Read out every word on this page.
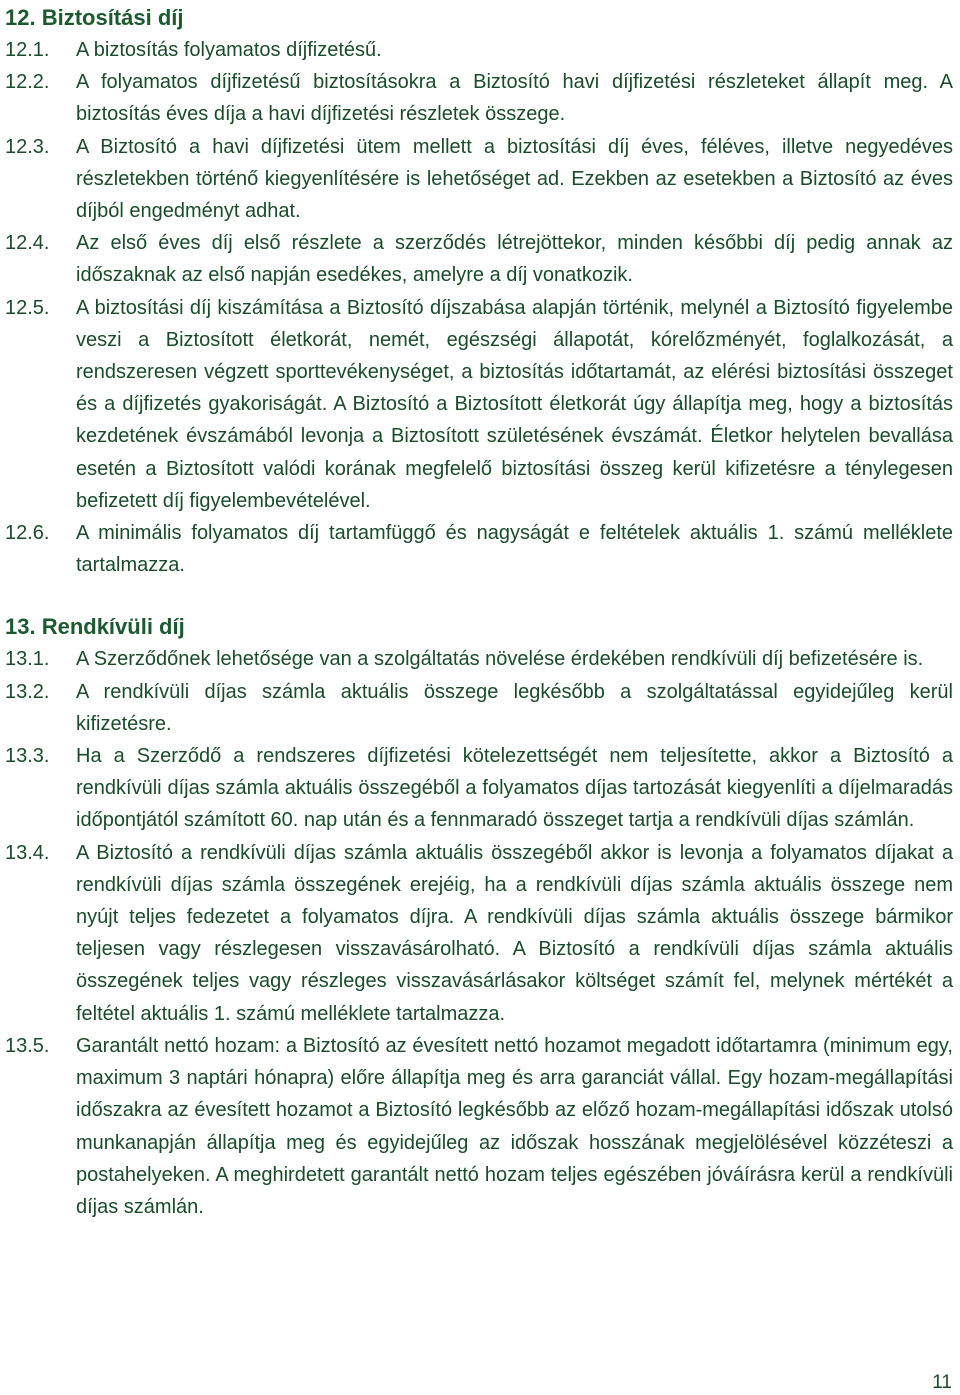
12. Biztosítási díj
12.1. A biztosítás folyamatos díjfizetésű.
12.2. A folyamatos díjfizetésű biztosításokra a Biztosító havi díjfizetési részleteket állapít meg. A biztosítás éves díja a havi díjfizetési részletek összege.
12.3. A Biztosító a havi díjfizetési ütem mellett a biztosítási díj éves, féléves, illetve negyedéves részletekben történő kiegyenlítésére is lehetőséget ad. Ezekben az esetekben a Biztosító az éves díjból engedményt adhat.
12.4. Az első éves díj első részlete a szerződés létrejöttekor, minden későbbi díj pedig annak az időszaknak az első napján esedékes, amelyre a díj vonatkozik.
12.5. A biztosítási díj kiszámítása a Biztosító díjszabása alapján történik, melynél a Biztosító figyelembe veszi a Biztosított életkorát, nemét, egészségi állapotát, kórelőzményét, foglalkozását, a rendszeresen végzett sporttevékenységet, a biztosítás időtartamát, az elérési biztosítási összeget és a díjfizetés gyakoriságát. A Biztosító a Biztosított életkorát úgy állapítja meg, hogy a biztosítás kezdetének évszámából levonja a Biztosított születésének évszámát. Életkor helytelen bevallása esetén a Biztosított valódi korának megfelelő biztosítási összeg kerül kifizetésre a ténylegesen befizetett díj figyelembevételével.
12.6. A minimális folyamatos díj tartamfüggő és nagyságát e feltételek aktuális 1. számú melléklete tartalmazza.
13. Rendkívüli díj
13.1. A Szerződőnek lehetősége van a szolgáltatás növelése érdekében rendkívüli díj befizetésére is.
13.2. A rendkívüli díjas számla aktuális összege legkésőbb a szolgáltatással egyidejűleg kerül kifizetésre.
13.3. Ha a Szerződő a rendszeres díjfizetési kötelezettségét nem teljesítette, akkor a Biztosító a rendkívüli díjas számla aktuális összegéből a folyamatos díjas tartozását kiegyenlíti a díjelmaradás időpontjától számított 60. nap után és a fennmaradó összeget tartja a rendkívüli díjas számlán.
13.4. A Biztosító a rendkívüli díjas számla aktuális összegéből akkor is levonja a folyamatos díjakat a rendkívüli díjas számla összegének erejéig, ha a rendkívüli díjas számla aktuális összege nem nyújt teljes fedezetet a folyamatos díjra. A rendkívüli díjas számla aktuális összege bármikor teljesen vagy részlegesen visszavásárolható. A Biztosító a rendkívüli díjas számla aktuális összegének teljes vagy részleges visszavásárlásakor költséget számít fel, melynek mértékét a feltétel aktuális 1. számú melléklete tartalmazza.
13.5. Garantált nettó hozam: a Biztosító az évesített nettó hozamot megadott időtartamra (minimum egy, maximum 3 naptári hónapra) előre állapítja meg és arra garanciát vállal. Egy hozam-megállapítási időszakra az évesített hozamot a Biztosító legkésőbb az előző hozam-megállapítási időszak utolsó munkanapján állapítja meg és egyidejűleg az időszak hosszának megjelölésével közzéteszi a postahelyeken. A meghirdetett garantált nettó hozam teljes egészében jóváírásra kerül a rendkívüli díjas számlán.
11
